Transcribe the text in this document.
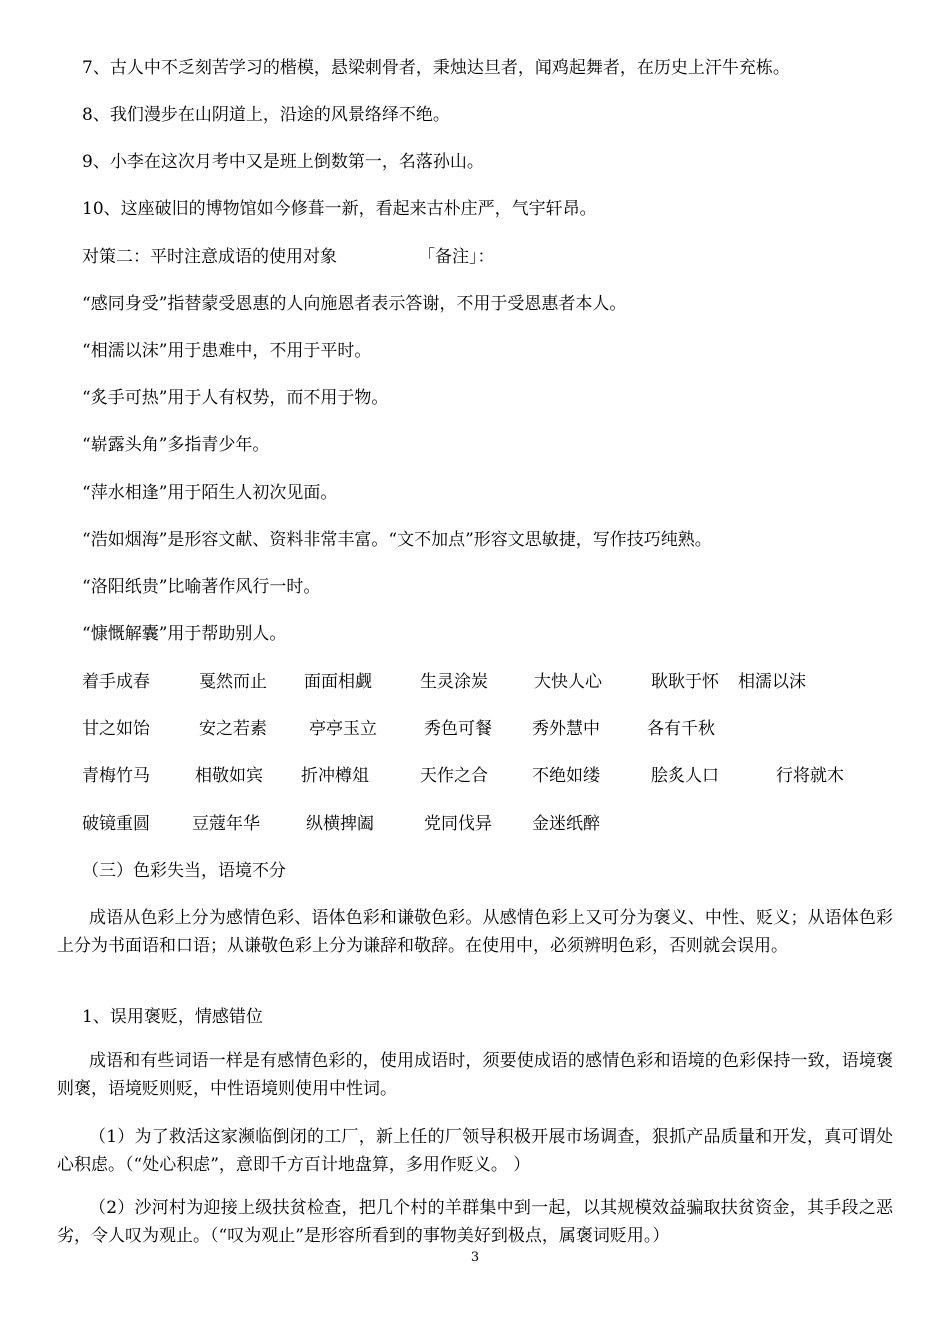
7、古人中不乏刻苦学习的楷模，悬梁刺骨者，秉烛达旦者，闻鸡起舞者，在历史上汗牛充栋。
8、我们漫步在山阴道上，沿途的风景络绎不绝。
9、小李在这次月考中又是班上倒数第一，名落孙山。
10、这座破旧的博物馆如今修葺一新，看起来古朴庄严，气宇轩昂。
对策二：平时注意成语的使用对象	「备注」：
“感同身受”指替蒙受恩惠的人向施恩者表示答谢，不用于受恩惠者本人。
“相濡以沫”用于患难中，不用于平时。
“炙手可热”用于人有权势，而不用于物。
“崭露头角”多指青少年。
“萍水相逢”用于陌生人初次见面。
“浩如烟海”是形容文献、资料非常丰富。“文不加点”形容文思敏捷，写作技巧纯熟。
“洛阳纸贵”比喻著作风行一时。
“慷慨解囊”用于帮助别人。
着手成春	戛然而止 面面相觑	生灵涂炭	大快人心	耿耿于怀 相濡以沫
甘之如饴	安之若素 亭亭玉立	秀色可餐 秀外慧中	各有千秋
青梅竹马	相敬如宾 折冲樽俎	天作之合	不绝如缕	脍炙人口	行将就木
破镜重圆 豆蔻年华	纵横捭阖	党同伐异 金迷纸醉
（三）色彩失当，语境不分
成语从色彩上分为感情色彩、语体色彩和谦敬色彩。从感情色彩上又可分为褒义、中性、贬义；从语体色彩上分为书面语和口语；从谦敬色彩上分为谦辞和敬辞。在使用中，必须辨明色彩，否则就会误用。
1、误用褒贬，情感错位
成语和有些词语一样是有感情色彩的，使用成语时，须要使成语的感情色彩和语境的色彩保持一致，语境褒则褒，语境贬则贬，中性语境则使用中性词。
（1）为了救活这家濒临倒闭的工厂，新上任的厂领导积极开展市场调查，狠抓产品质量和开发，真可谓处心积虑。（“处心积虑”，意即千方百计地盘算，多用作贬义。 ）
（2）沙河村为迎接上级扶贫检查，把几个村的羊群集中到一起，以其规模效益骗取扶贫资金，其手段之恶劣，令人叹为观止。（“叹为观止”是形容所看到的事物美好到极点，属褒词贬用。）
3
